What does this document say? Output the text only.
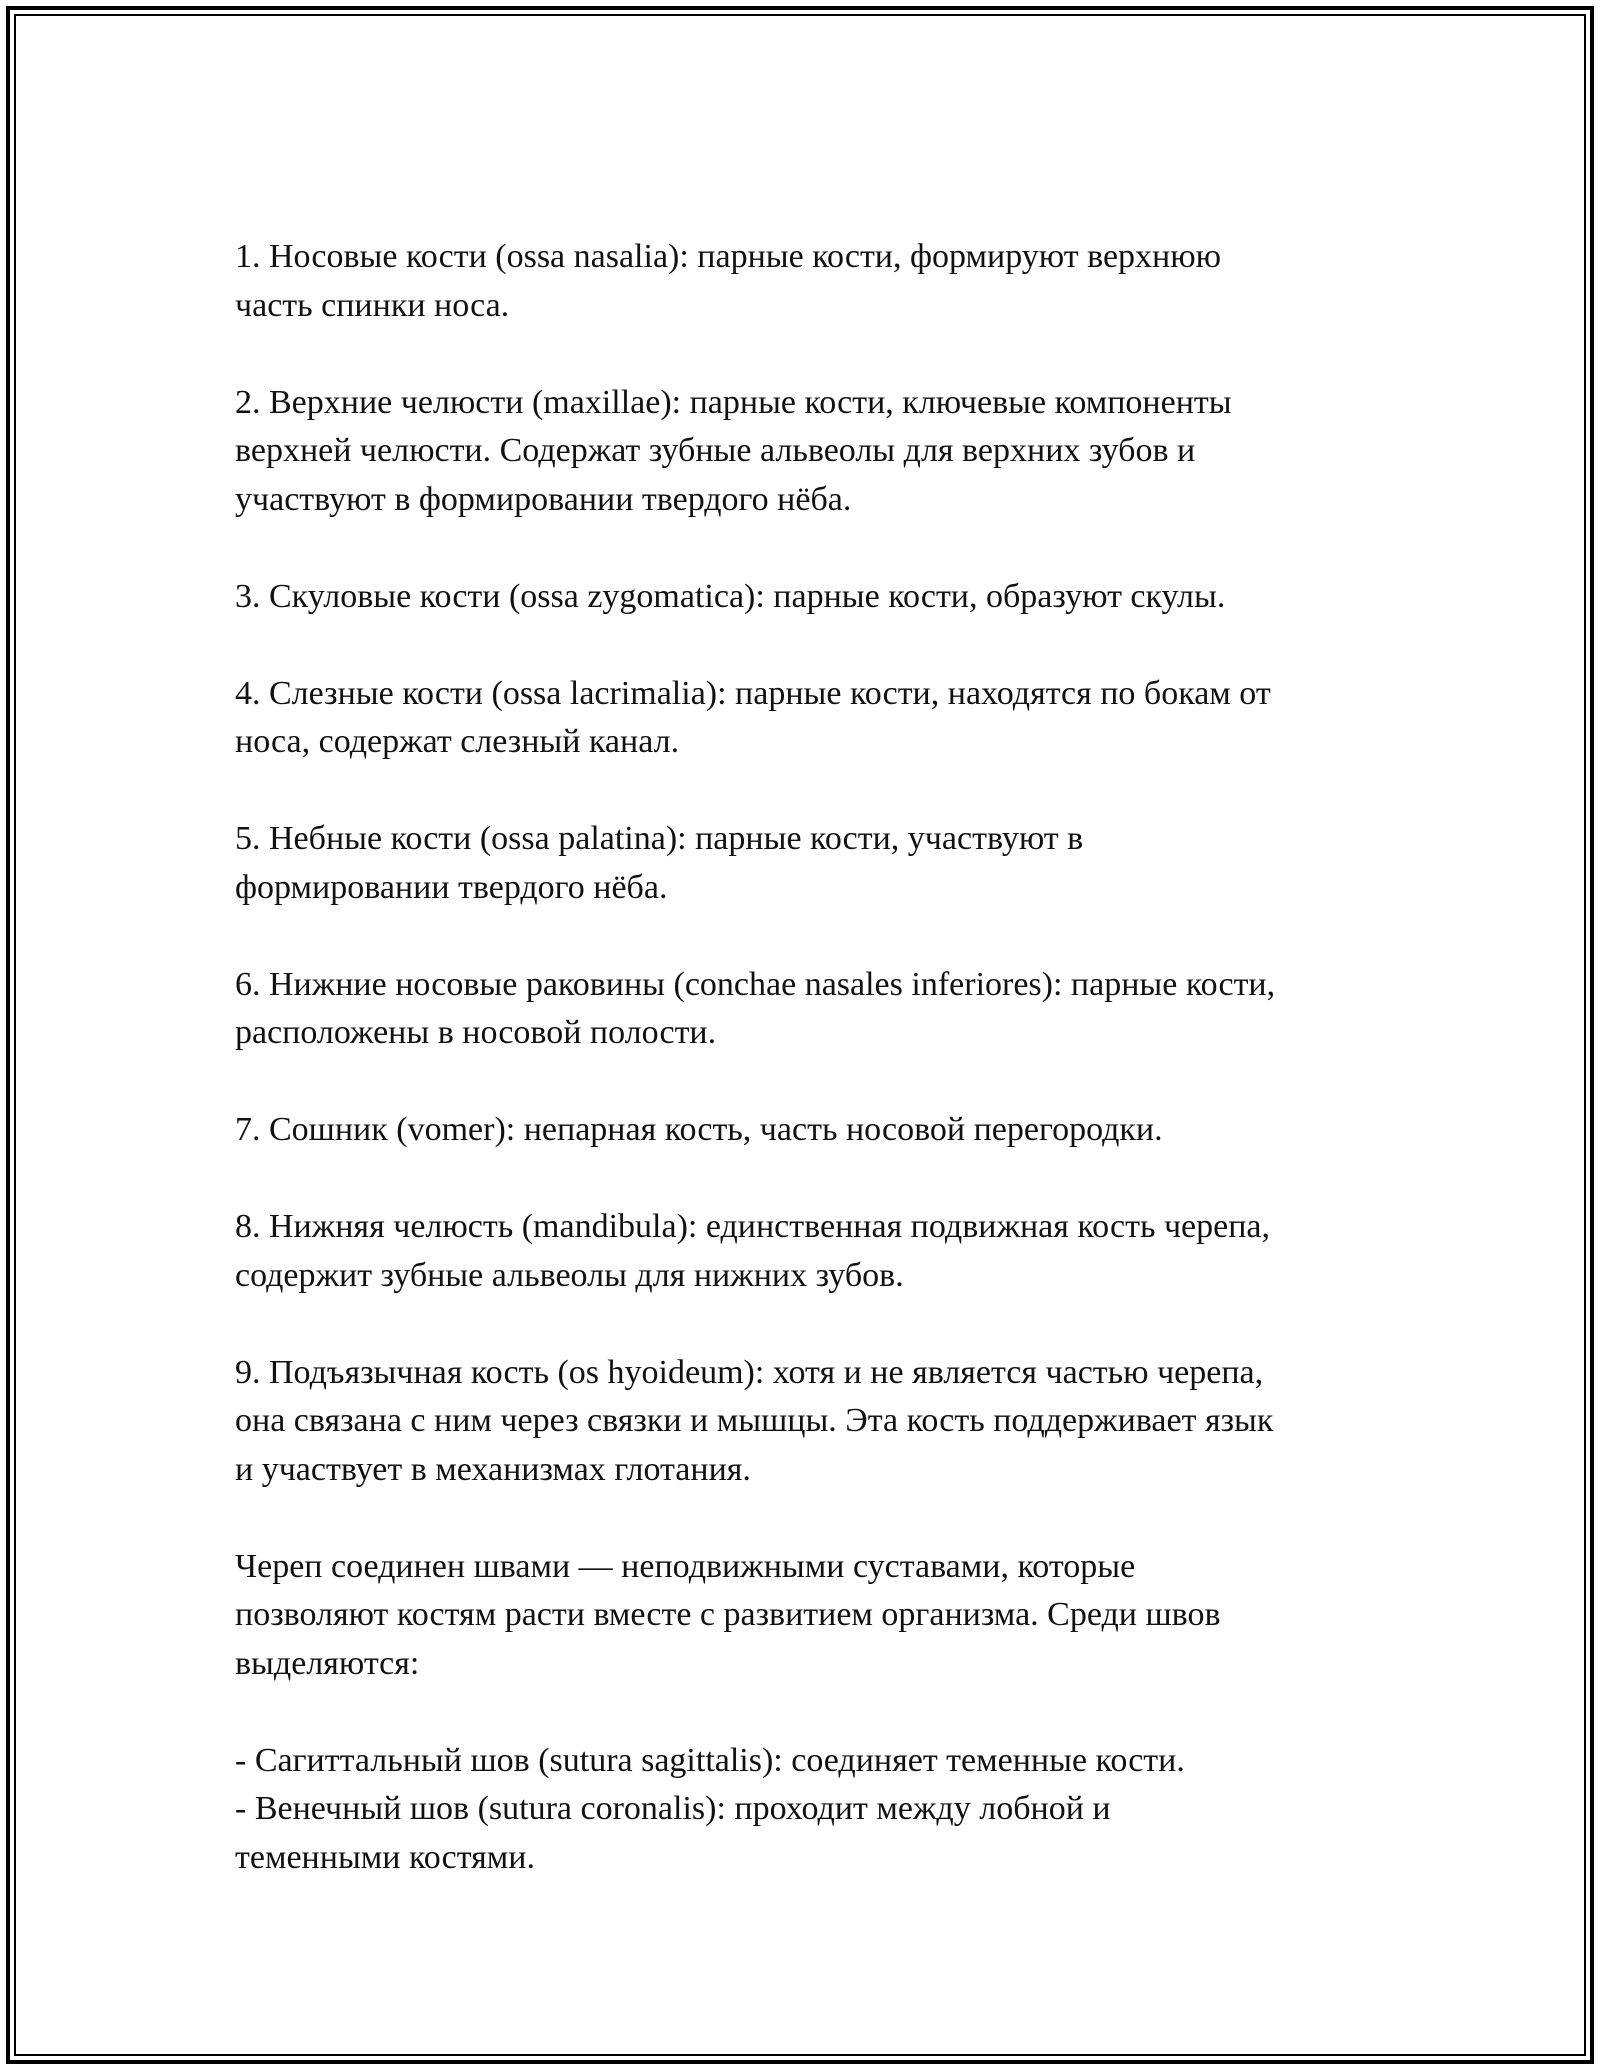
1. Носовые кости (ossa nasalia): парные кости, формируют верхнюю
часть спинки носа.

2. Верхние челюсти (maxillae): парные кости, ключевые компоненты
верхней челюсти. Содержат зубные альвеолы для верхних зубов и
участвуют в формировании твердого нёба.

3. Скуловые кости (ossa zygomatica): парные кости, образуют скулы.

4. Слезные кости (ossa lacrimalia): парные кости, находятся по бокам от
носа, содержат слезный канал.

5. Небные кости (ossa palatina): парные кости, участвуют в
формировании твердого нёба.

6. Нижние носовые раковины (conchae nasales inferiores): парные кости,
расположены в носовой полости.

7. Сошник (vomer): непарная кость, часть носовой перегородки.

8. Нижняя челюсть (mandibula): единственная подвижная кость черепа,
содержит зубные альвеолы для нижних зубов.

9. Подъязычная кость (os hyoideum): хотя и не является частью черепа,
она связана с ним через связки и мышцы. Эта кость поддерживает язык
и участвует в механизмах глотания.

Череп соединен швами — неподвижными суставами, которые
позволяют костям расти вместе с развитием организма. Среди швов
выделяются:

- Сагиттальный шов (sutura sagittalis): соединяет теменные кости.
- Венечный шов (sutura coronalis): проходит между лобной и
теменными костями.
